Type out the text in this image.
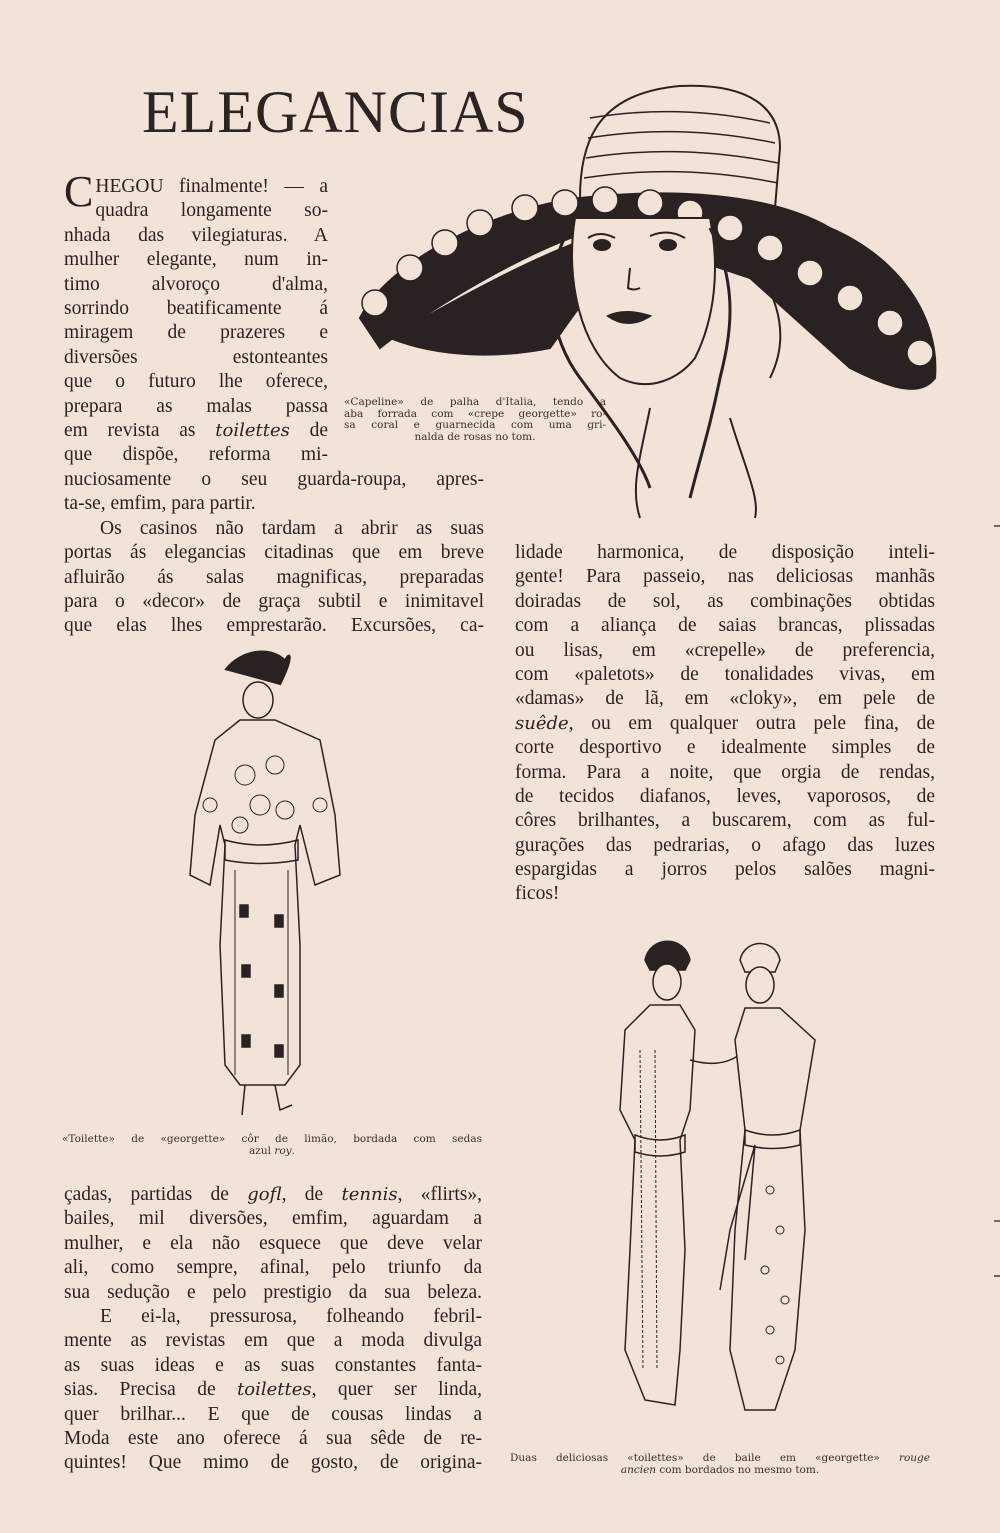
ELEGANCIAS
C HEGOU finalmente! — a
quadra longamente so-
nhada das vilegiaturas. A
mulher elegante, num in-
timo alvoroço d'alma,
sorrindo beatificamente á
miragem de prazeres e
diversões estonteantes
que o futuro lhe oferece,
prepara as malas passa
em revista as toilettes de
que dispõe, reforma mi-
nuciosamente o seu guarda-roupa, apres-
ta-se, emfim, para partir.
Os casinos não tardam a abrir as suas
portas ás elegancias citadinas que em breve
afluirão ás salas magnificas, preparadas
para o «decor» de graça subtil e inimitavel
que elas lhes emprestarão. Excursões, ca-
lidade harmonica, de disposição inteli-
gente! Para passeio, nas deliciosas manhãs
doiradas de sol, as combinações obtidas
com a aliança de saias brancas, plissadas
ou lisas, em «crepelle» de preferencia,
com «paletots» de tonalidades vivas, em
«damas» de lã, em «cloky», em pele de
suêde, ou em qualquer outra pele fina, de
corte desportivo e idealmente simples de
forma. Para a noite, que orgia de rendas,
de tecidos diafanos, leves, vaporosos, de
côres brilhantes, a buscarem, com as ful-
gurações das pedrarias, o afago das luzes
espargidas a jorros pelos salões magni-
ficos!
çadas, partidas de gofl, de tennis, «flirts»,
bailes, mil diversões, emfim, aguardam a
mulher, e ela não esquece que deve velar
ali, como sempre, afinal, pelo triunfo da
sua sedução e pelo prestigio da sua beleza.
E ei-la, pressurosa, folheando febril-
mente as revistas em que a moda divulga
as suas ideas e as suas constantes fanta-
sias. Precisa de toilettes, quer ser linda,
quer brilhar... E que de cousas lindas a
Moda este ano oferece á sua sêde de re-
quintes! Que mimo de gosto, de origina-
«Capeline» de palha d'Italia, tendo a
aba forrada com «crepe georgette» ro-
sa coral e guarnecida com uma gri-
nalda de rosas no tom.
«Toilette» de «georgette» côr de limão, bordada com sedas
azul roy.
Duas deliciosas «toilettes» de baile em «georgette» rouge
ancien com bordados no mesmo tom.
